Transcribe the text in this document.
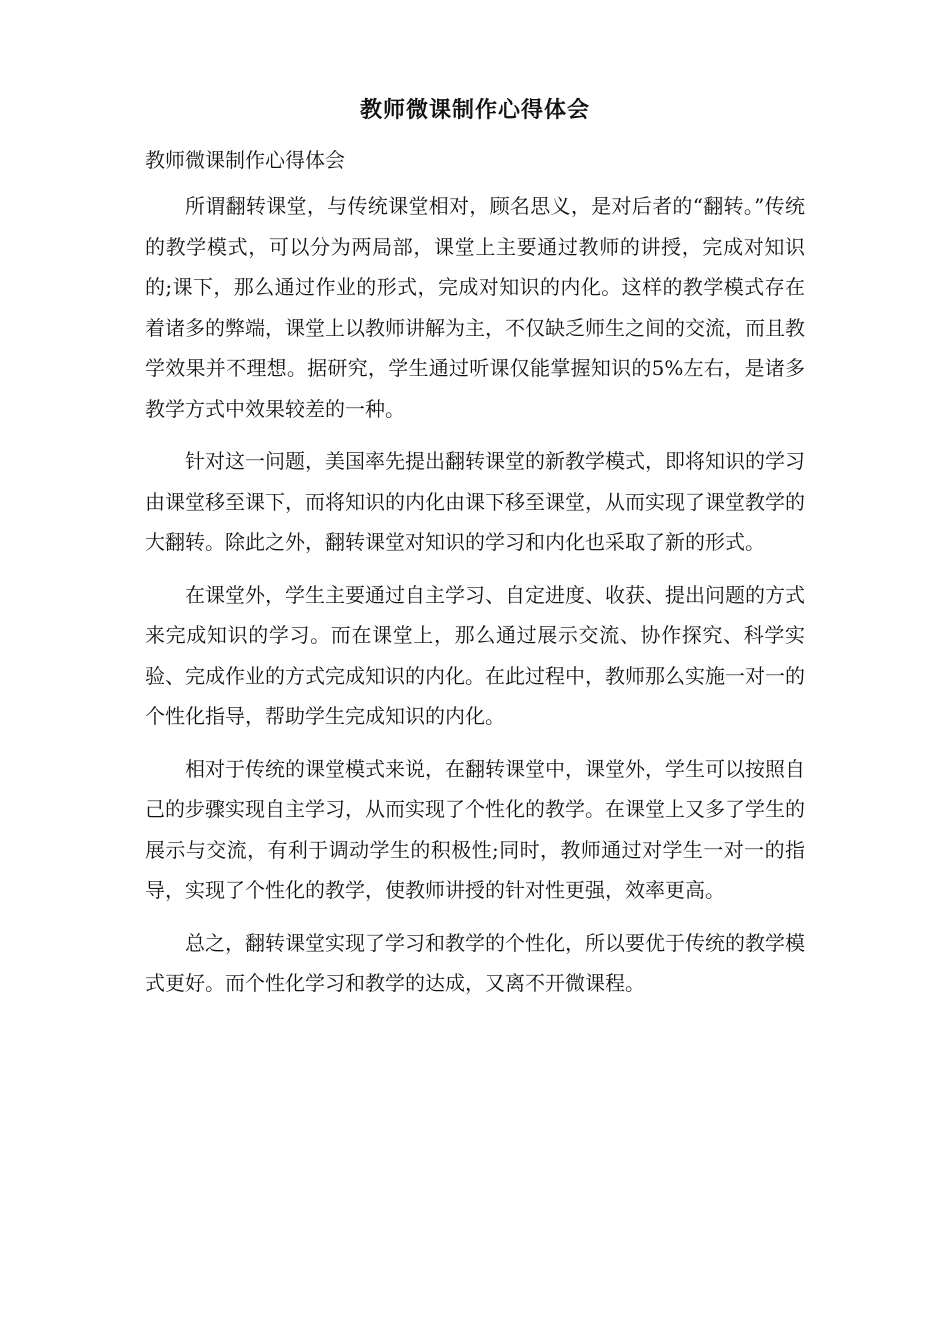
教师微课制作心得体会

教师微课制作心得体会

所谓翻转课堂，与传统课堂相对，顾名思义，是对后者的“翻转。”传统的教学模式，可以分为两局部，课堂上主要通过教师的讲授，完成对知识的;课下，那么通过作业的形式，完成对知识的内化。这样的教学模式存在着诸多的弊端，课堂上以教师讲解为主，不仅缺乏师生之间的交流，而且教学效果并不理想。据研究，学生通过听课仅能掌握知识的5%左右，是诸多教学方式中效果较差的一种。

针对这一问题，美国率先提出翻转课堂的新教学模式，即将知识的学习由课堂移至课下，而将知识的内化由课下移至课堂，从而实现了课堂教学的大翻转。除此之外，翻转课堂对知识的学习和内化也采取了新的形式。

在课堂外，学生主要通过自主学习、自定进度、收获、提出问题的方式来完成知识的学习。而在课堂上，那么通过展示交流、协作探究、科学实验、完成作业的方式完成知识的内化。在此过程中，教师那么实施一对一的个性化指导，帮助学生完成知识的内化。

相对于传统的课堂模式来说，在翻转课堂中，课堂外，学生可以按照自己的步骤实现自主学习，从而实现了个性化的教学。在课堂上又多了学生的展示与交流，有利于调动学生的积极性;同时，教师通过对学生一对一的指导，实现了个性化的教学，使教师讲授的针对性更强，效率更高。

总之，翻转课堂实现了学习和教学的个性化，所以要优于传统的教学模式更好。而个性化学习和教学的达成，又离不开微课程。
